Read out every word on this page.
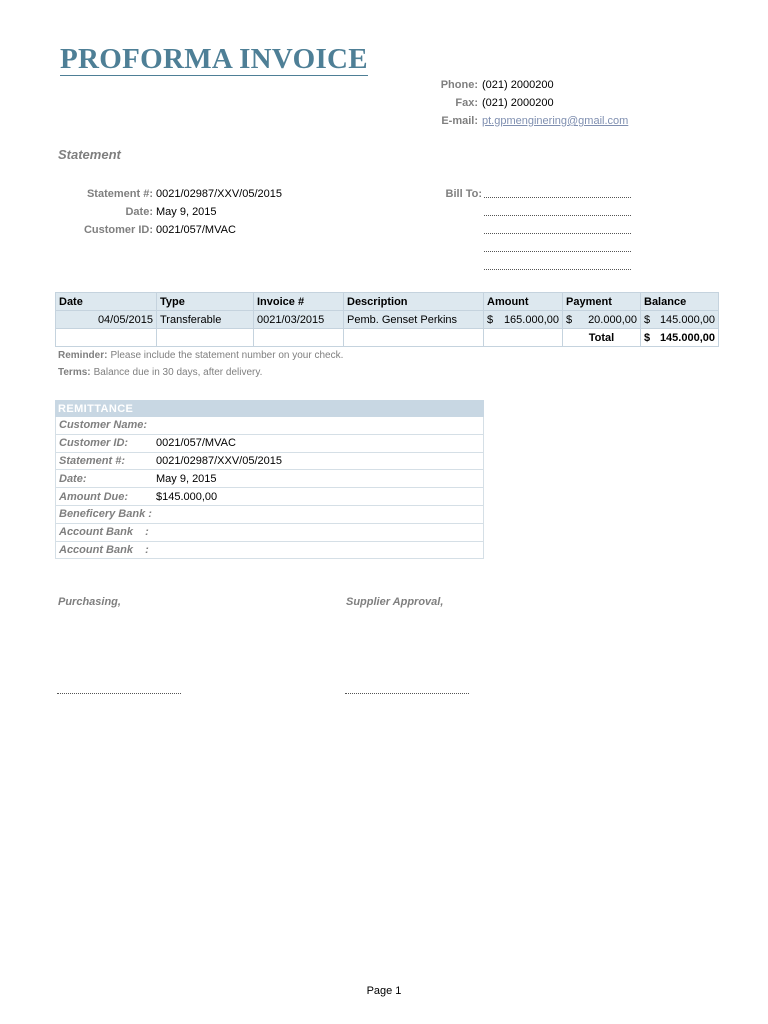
PROFORMA INVOICE
Phone: (021) 2000200
Fax: (021) 2000200
E-mail: pt.gpmenginering@gmail.com
Statement
Statement #: 0021/02987/XXV/05/2015
Date: May 9, 2015
Customer ID: 0021/057/MVAC
Bill To:
Date	Type	Invoice #	Description	Amount	Payment	Balance
04/05/2015	Transferable	0021/03/2015	Pemb. Genset Perkins	$ 165.000,00	$ 20.000,00	$ 145.000,00

					Total	$ 145.000,00
Reminder: Please include the statement number on your check.
Terms: Balance due in 30 days, after delivery.
REMITTANCE
Customer Name:
Customer ID:	0021/057/MVAC
Statement #:	0021/02987/XXV/05/2015
Date:	May 9, 2015
Amount Due:	$145.000,00
Beneficery Bank :
Account Bank    :
Account Bank    :
Purchasing,	Supplier Approval,
Page 1
